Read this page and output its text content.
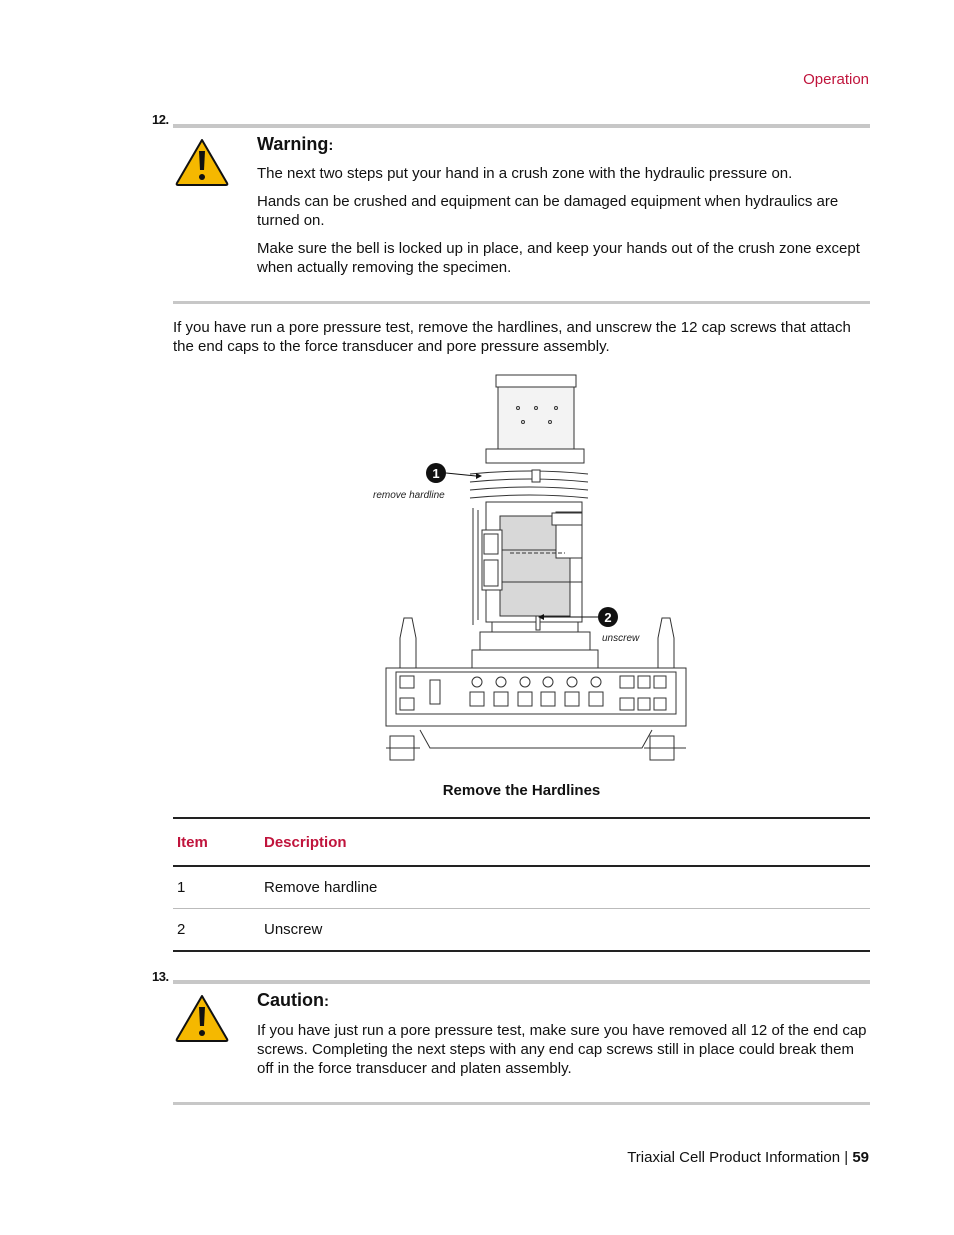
Operation
12.
Warning:
The next two steps put your hand in a crush zone with the hydraulic pressure on.
Hands can be crushed and equipment can be damaged equipment when hydraulics are turned on.
Make sure the bell is locked up in place, and keep your hands out of the crush zone except when actually removing the specimen.
If you have run a pore pressure test, remove the hardlines, and unscrew the 12 cap screws that attach the end caps to the force transducer and pore pressure assembly.
1
remove hardline
2
unscrew
Remove the Hardlines
Item	Description
1	Remove hardline
2	Unscrew
13.
Caution:
If you have just run a pore pressure test, make sure you have removed all 12 of the end cap screws. Completing the next steps with any end cap screws still in place could break them off in the force transducer and platen assembly.
Triaxial Cell Product Information | 59
